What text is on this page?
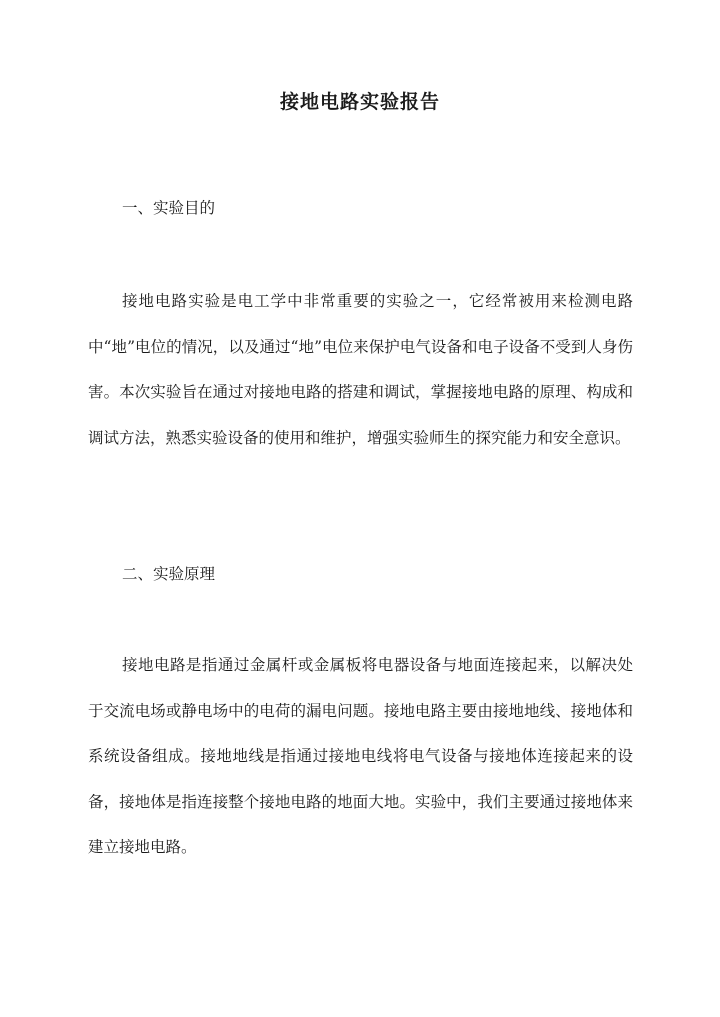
接地电路实验报告
一、实验目的

接地电路实验是电工学中非常重要的实验之一，它经常被用来检测电路中“地”电位的情况，以及通过“地”电位来保护电气设备和电子设备不受到人身伤害。本次实验旨在通过对接地电路的搭建和调试，掌握接地电路的原理、构成和调试方法，熟悉实验设备的使用和维护，增强实验师生的探究能力和安全意识。

二、实验原理

接地电路是指通过金属杆或金属板将电器设备与地面连接起来，以解决处于交流电场或静电场中的电荷的漏电问题。接地电路主要由接地地线、接地体和系统设备组成。接地地线是指通过接地电线将电气设备与接地体连接起来的设备，接地体是指连接整个接地电路的地面大地。实验中，我们主要通过接地体来建立接地电路。
